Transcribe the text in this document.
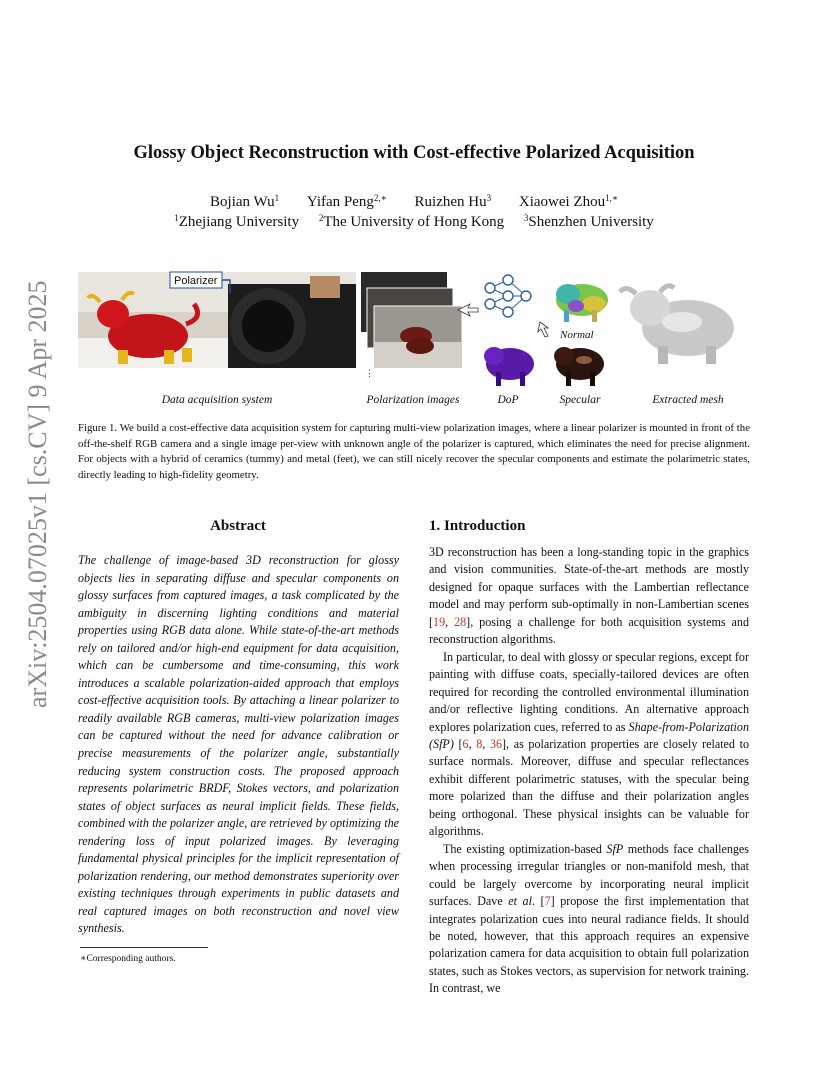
arXiv:2504.07025v1 [cs.CV] 9 Apr 2025
Glossy Object Reconstruction with Cost-effective Polarized Acquisition
Bojian Wu$^1$ Yifan Peng$^{2,∗}$ Ruizhen Hu$^3$ Xiaowei Zhou$^{1,∗}$
$^1$Zhejiang University $^2$The University of Hong Kong $^3$Shenzhen University
Polarizer
⋮
Normal
Data acquisition system	Polarization images	DoP	Specular	Extracted mesh
Figure 1. We build a cost-effective data acquisition system for capturing multi-view polarization images, where a linear polarizer is mounted in front of the off-the-shelf RGB camera and a single image per-view with unknown angle of the polarizer is captured, which eliminates the need for precise alignment. For objects with a hybrid of ceramics (tummy) and metal (feet), we can still nicely recover the specular components and estimate the polarimetric states, directly leading to high-fidelity geometry.
Abstract
The challenge of image-based 3D reconstruction for glossy objects lies in separating diffuse and specular components on glossy surfaces from captured images, a task complicated by the ambiguity in discerning lighting conditions and material properties using RGB data alone. While state-of-the-art methods rely on tailored and/or high-end equipment for data acquisition, which can be cumbersome and time-consuming, this work introduces a scalable polarization-aided approach that employs cost-effective acquisition tools. By attaching a linear polarizer to readily available RGB cameras, multi-view polarization images can be captured without the need for advance calibration or precise measurements of the polarizer angle, substantially reducing system construction costs. The proposed approach represents polarimetric BRDF, Stokes vectors, and polarization states of object surfaces as neural implicit fields. These fields, combined with the polarizer angle, are retrieved by optimizing the rendering loss of input polarized images. By leveraging fundamental physical principles for the implicit representation of polarization rendering, our method demonstrates superiority over existing techniques through experiments in public datasets and real captured images on both reconstruction and novel view synthesis.
1. Introduction

3D reconstruction has been a long-standing topic in the graphics and vision communities. State-of-the-art methods are mostly designed for opaque surfaces with the Lambertian reflectance model and may perform sub-optimally in non-Lambertian scenes [19, 28], posing a challenge for both acquisition systems and reconstruction algorithms.

In particular, to deal with glossy or specular regions, except for painting with diffuse coats, specially-tailored devices are often required for recording the controlled environmental illumination and/or reflective lighting conditions. An alternative approach explores polarization cues, referred to as Shape-from-Polarization (SfP) [6, 8, 36], as polarization properties are closely related to surface normals. Moreover, diffuse and specular reflectances exhibit different polarimetric statuses, with the specular being more polarized than the diffuse and their polarization angles being orthogonal. These physical insights can be valuable for algorithms.

The existing optimization-based SfP methods face challenges when processing irregular triangles or non-manifold mesh, that could be largely overcome by incorporating neural implicit surfaces. Dave et al. [7] propose the first implementation that integrates polarization cues into neural radiance fields. It should be noted, however, that this approach requires an expensive polarization camera for data acquisition to obtain full polarization states, such as Stokes vectors, as supervision for network training. In contrast, we

∗Corresponding authors.
